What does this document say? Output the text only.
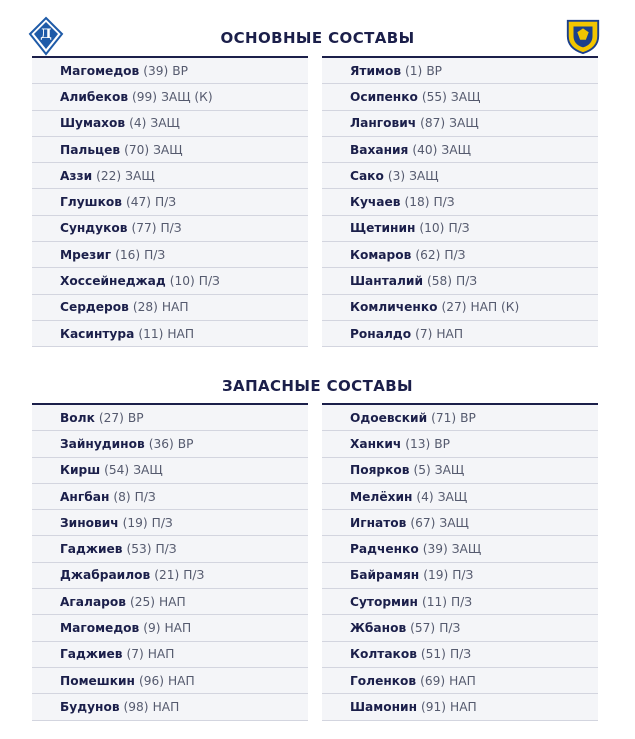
Д	ОСНОВНЫЕ СОСТАВЫ
Магомедов (39) ВР
Алибеков (99) ЗАЩ (К)
Шумахов (4) ЗАЩ
Пальцев (70) ЗАЩ
Аззи (22) ЗАЩ
Глушков (47) П/З
Сундуков (77) П/З
Мрезиг (16) П/З
Хоссейнеджад (10) П/З
Сердеров (28) НАП
Касинтура (11) НАП
Ятимов (1) ВР
Осипенко (55) ЗАЩ
Лангович (87) ЗАЩ
Вахания (40) ЗАЩ
Сако (3) ЗАЩ
Кучаев (18) П/З
Щетинин (10) П/З
Комаров (62) П/З
Шанталий (58) П/З
Комличенко (27) НАП (К)
Роналдо (7) НАП
ЗАПАСНЫЕ СОСТАВЫ
Волк (27) ВР
Зайнудинов (36) ВР
Кирш (54) ЗАЩ
Ангбан (8) П/З
Зинович (19) П/З
Гаджиев (53) П/З
Джабраилов (21) П/З
Агаларов (25) НАП
Магомедов (9) НАП
Гаджиев (7) НАП
Помешкин (96) НАП
Будунов (98) НАП
Одоевский (71) ВР
Ханкич (13) ВР
Поярков (5) ЗАЩ
Мелёхин (4) ЗАЩ
Игнатов (67) ЗАЩ
Радченко (39) ЗАЩ
Байрамян (19) П/З
Сутормин (11) П/З
Жбанов (57) П/З
Колтаков (51) П/З
Голенков (69) НАП
Шамонин (91) НАП
